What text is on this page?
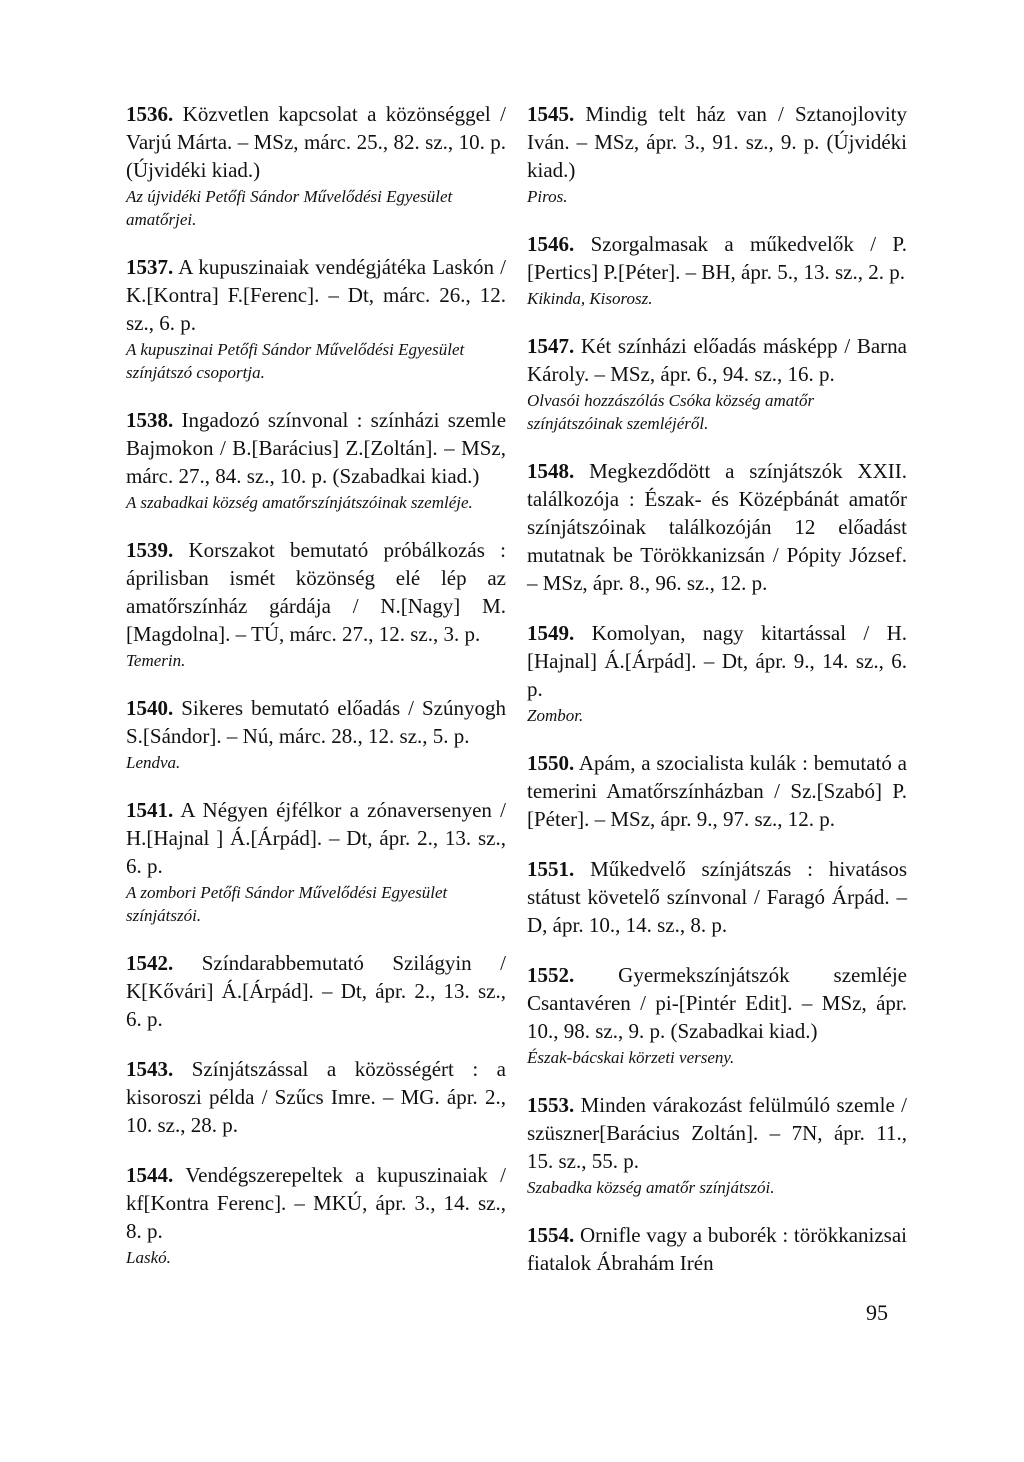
1536. Közvetlen kapcsolat a közönséggel / Varjú Márta. – MSz, márc. 25., 82. sz., 10. p. (Újvidéki kiad.)

Az újvidéki Petőfi Sándor Művelődési Egyesület amatőrjei.

1537. A kupuszinaiak vendégjátéka Laskón / K.[Kontra] F.[Ferenc]. – Dt, márc. 26., 12. sz., 6. p.

A kupuszinai Petőfi Sándor Művelődési Egyesület színjátszó csoportja.

1538. Ingadozó színvonal : színházi szemle Bajmokon / B.[Barácius] Z.[Zoltán]. – MSz, márc. 27., 84. sz., 10. p. (Szabadkai kiad.)

A szabadkai község amatőrszínjátszóinak szemléje.

1539. Korszakot bemutató próbálkozás : áprilisban ismét közönség elé lép az amatőrszínház gárdája / N.[Nagy] M.[Magdolna]. – TÚ, márc. 27., 12. sz., 3. p.

Temerin.

1540. Sikeres bemutató előadás / Szúnyogh S.[Sándor]. – Nú, márc. 28., 12. sz., 5. p.

Lendva.

1541. A Négyen éjfélkor a zónaversenyen / H.[Hajnal ] Á.[Árpád]. – Dt, ápr. 2., 13. sz., 6. p.

A zombori Petőfi Sándor Művelődési Egyesület színjátszói.

1542. Színdarabbemutató Szilágyin / K[Kővári] Á.[Árpád]. – Dt, ápr. 2., 13. sz., 6. p.

1543. Színjátszással a közösségért : a kisoroszi példa / Szűcs Imre. – MG. ápr. 2., 10. sz., 28. p.

1544. Vendégszerepeltek a kupuszinaiak / kf[Kontra Ferenc]. – MKÚ, ápr. 3., 14. sz., 8. p.

Laskó.

1545. Mindig telt ház van / Sztanojlovity Iván. – MSz, ápr. 3., 91. sz., 9. p. (Újvidéki kiad.)

Piros.

1546. Szorgalmasak a műkedvelők / P.[Pertics] P.[Péter]. – BH, ápr. 5., 13. sz., 2. p.

Kikinda, Kisorosz.

1547. Két színházi előadás másképp / Barna Károly. – MSz, ápr. 6., 94. sz., 16. p.

Olvasói hozzászólás Csóka község amatőr színjátszóinak szemléjéről.

1548. Megkezdődött a színjátszók XXII. találkozója : Észak- és Középbánát amatőr színjátszóinak találkozóján 12 előadást mutatnak be Törökkanizsán / Pópity József. – MSz, ápr. 8., 96. sz., 12. p.

1549. Komolyan, nagy kitartással / H.[Hajnal] Á.[Árpád]. – Dt, ápr. 9., 14. sz., 6. p.

Zombor.

1550. Apám, a szocialista kulák : bemutató a temerini Amatőrszínházban / Sz.[Szabó] P.[Péter]. – MSz, ápr. 9., 97. sz., 12. p.

1551. Műkedvelő színjátszás : hivatásos státust követelő színvonal / Faragó Árpád. – D, ápr. 10., 14. sz., 8. p.

1552. Gyermekszínjátszók szemléje Csantavéren / pi-[Pintér Edit]. – MSz, ápr. 10., 98. sz., 9. p. (Szabadkai kiad.)

Észak-bácskai körzeti verseny.

1553. Minden várakozást felülmúló szemle / szüszner[Barácius Zoltán]. – 7N, ápr. 11., 15. sz., 55. p.

Szabadka község amatőr színjátszói.

1554. Ornifle vagy a buborék : törökkanizsai fiatalok Ábrahám Irén

95
